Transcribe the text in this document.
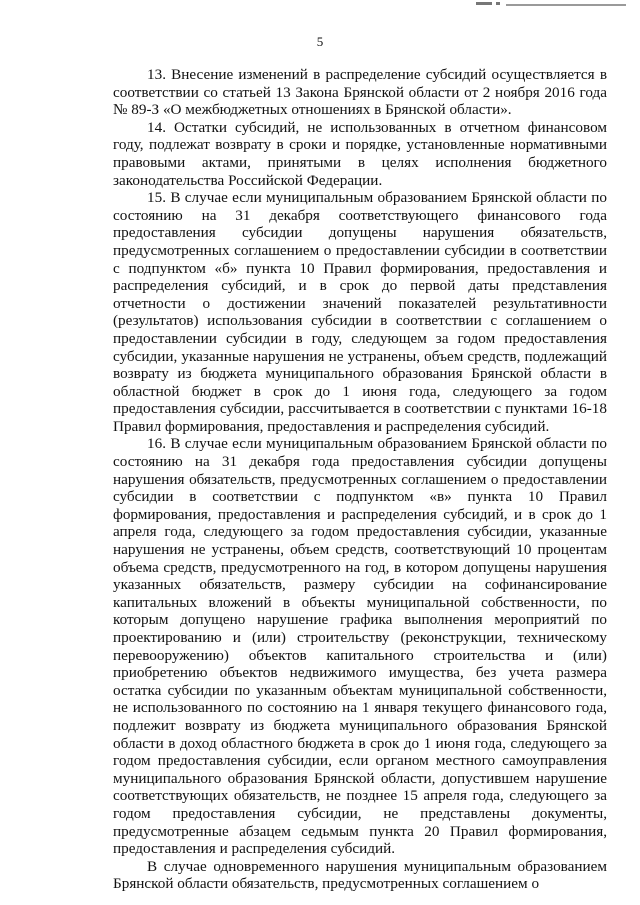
5

13. Внесение изменений в распределение субсидий осуществляется в соответствии со статьей 13 Закона Брянской области от 2 ноября 2016 года № 89-З «О межбюджетных отношениях в Брянской области».

14. Остатки субсидий, не использованных в отчетном финансовом году, подлежат возврату в сроки и порядке, установленные нормативными правовыми актами, принятыми в целях исполнения бюджетного законодательства Российской Федерации.

15. В случае если муниципальным образованием Брянской области по состоянию на 31 декабря соответствующего финансового года предоставления субсидии допущены нарушения обязательств, предусмотренных соглашением о предоставлении субсидии в соответствии с подпунктом «б» пункта 10 Правил формирования, предоставления и распределения субсидий, и в срок до первой даты представления отчетности о достижении значений показателей результативности (результатов) использования субсидии в соответствии с соглашением о предоставлении субсидии в году, следующем за годом предоставления субсидии, указанные нарушения не устранены, объем средств, подлежащий возврату из бюджета муниципального образования Брянской области в областной бюджет в срок до 1 июня года, следующего за годом предоставления субсидии, рассчитывается в соответствии с пунктами 16-18 Правил формирования, предоставления и распределения субсидий.

16. В случае если муниципальным образованием Брянской области по состоянию на 31 декабря года предоставления субсидии допущены нарушения обязательств, предусмотренных соглашением о предоставлении субсидии в соответствии с подпунктом «в» пункта 10 Правил формирования, предоставления и распределения субсидий, и в срок до 1 апреля года, следующего за годом предоставления субсидии, указанные нарушения не устранены, объем средств, соответствующий 10 процентам объема средств, предусмотренного на год, в котором допущены нарушения указанных обязательств, размеру субсидии на софинансирование капитальных вложений в объекты муниципальной собственности, по которым допущено нарушение графика выполнения мероприятий по проектированию и (или) строительству (реконструкции, техническому перевооружению) объектов капитального строительства и (или) приобретению объектов недвижимого имущества, без учета размера остатка субсидии по указанным объектам муниципальной собственности, не использованного по состоянию на 1 января текущего финансового года, подлежит возврату из бюджета муниципального образования Брянской области в доход областного бюджета в срок до 1 июня года, следующего за годом предоставления субсидии, если органом местного самоуправления муниципального образования Брянской области, допустившем нарушение соответствующих обязательств, не позднее 15 апреля года, следующего за годом предоставления субсидии, не представлены документы, предусмотренные абзацем седьмым пункта 20 Правил формирования, предоставления и распределения субсидий.

В случае одновременного нарушения муниципальным образованием Брянской области обязательств, предусмотренных соглашением о
